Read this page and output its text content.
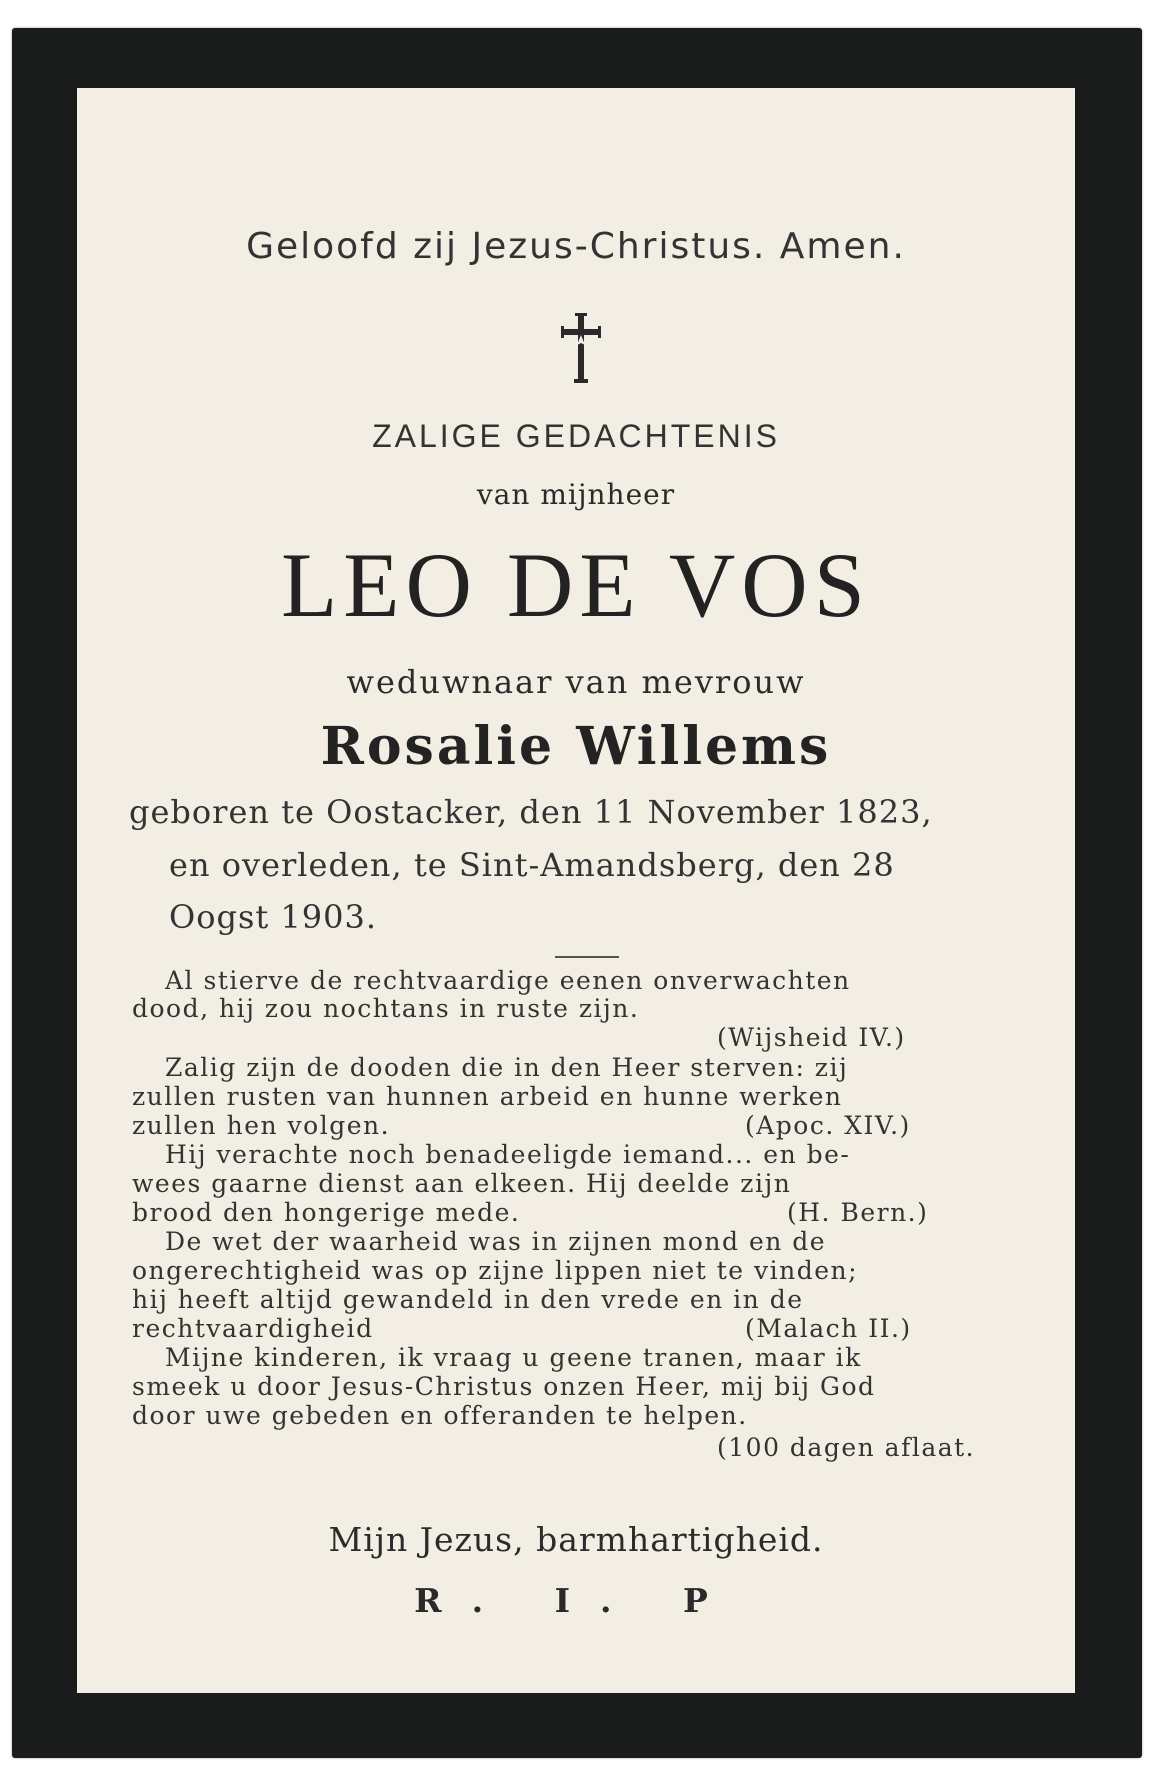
Geloofd zij Jezus-Christus. Amen.
ZALIGE GEDACHTENIS
van mijnheer
LEO DE VOS
weduwnaar van mevrouw
Rosalie Willems
geboren te Oostacker, den 11 November 1823,
en overleden, te Sint-Amandsberg, den 28
Oogst 1903.
Al stierve de rechtvaardige eenen onverwachten
dood, hij zou nochtans in ruste zijn.
(Wijsheid IV.)
Zalig zijn de dooden die in den Heer sterven: zij
zullen rusten van hunnen arbeid en hunne werken
zullen hen volgen.	(Apoc. XIV.)
Hij verachte noch benadeeligde iemand... en be-
wees gaarne dienst aan elkeen. Hij deelde zijn
brood den hongerige mede.	(H. Bern.)
De wet der waarheid was in zijnen mond en de
ongerechtigheid was op zijne lippen niet te vinden;
hij heeft altijd gewandeld in den vrede en in de
rechtvaardigheid	(Malach II.)
Mijne kinderen, ik vraag u geene tranen, maar ik
smeek u door Jesus-Christus onzen Heer, mij bij God
door uwe gebeden en offeranden te helpen.
(100 dagen aflaat.
Mijn Jezus, barmhartigheid.
R. I. P
